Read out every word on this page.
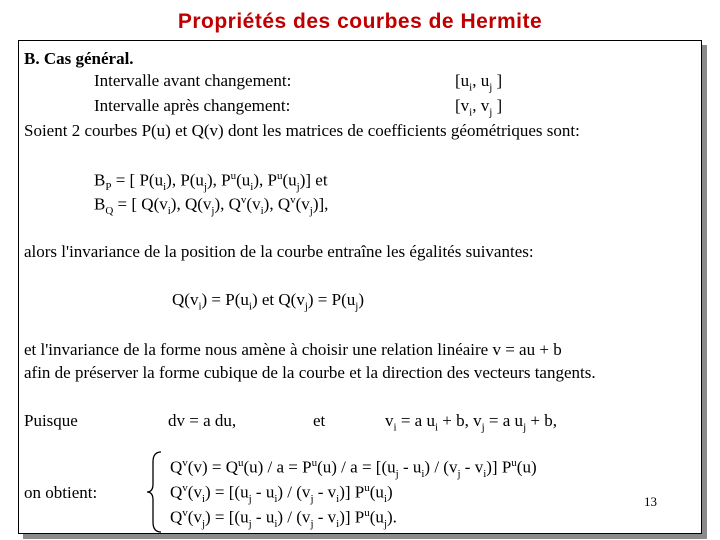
Propriétés des courbes de Hermite
B. Cas général.
Intervalle avant changement:	[$u_i$, $u_j$ ]
Intervalle après changement:	[$v_i$, $v_j$ ]
Soient 2 courbes P(u) et Q(v) dont les matrices de coefficients géométriques sont:
$B_P$ = [ $P(u_i)$, $P(u_j)$, $P^u(u_i)$, $P^u(u_j)$] et
$B_Q$ = [ $Q(v_i)$, $Q(v_j)$, $Q^v(v_i)$, $Q^v(v_j)$],
alors l'invariance de la position de la courbe entraîne les égalités suivantes:
$Q(v_i) = P(u_i)$ et $Q(v_j) = P(u_j)$
et l'invariance de la forme nous amène à choisir une relation linéaire v = au + b
afin de préserver la forme cubique de la courbe et la direction des vecteurs tangents.
Puisque	dv = a du,	et	$v_i = a$ $u_i + b$, $v_j = a$ $u_j + b$,
on obtient:
$Q^v(v) = Q^u(u) / a = P^u(u) / a = [(u_j - u_i) / (v_j - v_i)]$ $P^u(u)$
$Q^v(v_i) = [(u_j - u_i) / (v_j - v_i)]$ $P^u(u_i)$
$Q^v(v_j) = [(u_j - u_i) / (v_j - v_i)]$ $P^u(u_j)$.
13
